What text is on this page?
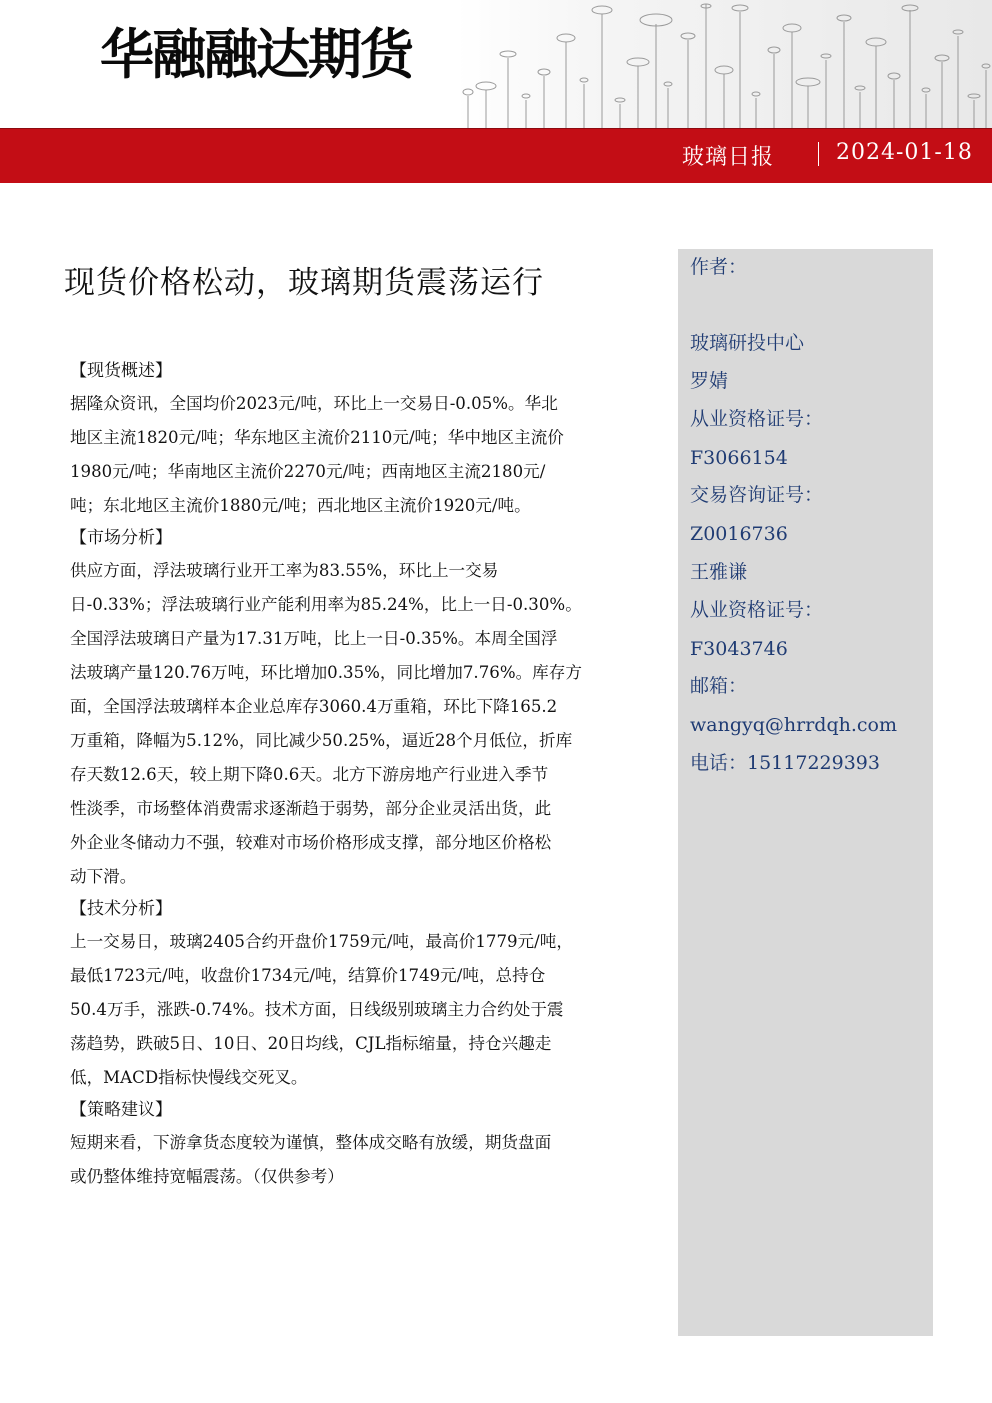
华融融达期货
玻璃日报	2024-01-18
现货价格松动，玻璃期货震荡运行

【现货概述】

据隆众资讯，全国均价2023元/吨，环比上一交易日-0.05%。华北
地区主流1820元/吨；华东地区主流价2110元/吨；华中地区主流价
1980元/吨；华南地区主流价2270元/吨；西南地区主流2180元/
吨；东北地区主流价1880元/吨；西北地区主流价1920元/吨。

【市场分析】

供应方面，浮法玻璃行业开工率为83.55%，环比上一交易
日-0.33%；浮法玻璃行业产能利用率为85.24%，比上一日-0.30%。
全国浮法玻璃日产量为17.31万吨，比上一日-0.35%。本周全国浮
法玻璃产量120.76万吨，环比增加0.35%，同比增加7.76%。库存方
面，全国浮法玻璃样本企业总库存3060.4万重箱，环比下降165.2
万重箱，降幅为5.12%，同比减少50.25%，逼近28个月低位，折库
存天数12.6天，较上期下降0.6天。北方下游房地产行业进入季节
性淡季，市场整体消费需求逐渐趋于弱势，部分企业灵活出货，此
外企业冬储动力不强，较难对市场价格形成支撑，部分地区价格松
动下滑。

【技术分析】

上一交易日，玻璃2405合约开盘价1759元/吨，最高价1779元/吨，
最低1723元/吨，收盘价1734元/吨，结算价1749元/吨，总持仓
50.4万手，涨跌-0.74%。技术方面，日线级别玻璃主力合约处于震
荡趋势，跌破5日、10日、20日均线，CJL指标缩量，持仓兴趣走
低，MACD指标快慢线交死叉。

【策略建议】

短期来看，下游拿货态度较为谨慎，整体成交略有放缓，期货盘面
或仍整体维持宽幅震荡。（仅供参考）

作者：
玻璃研投中心
罗婧
从业资格证号：
F3066154
交易咨询证号：
Z0016736
王雅谦
从业资格证号：
F3043746
邮箱：
wangyq@hrrdqh.com
电话：15117229393
